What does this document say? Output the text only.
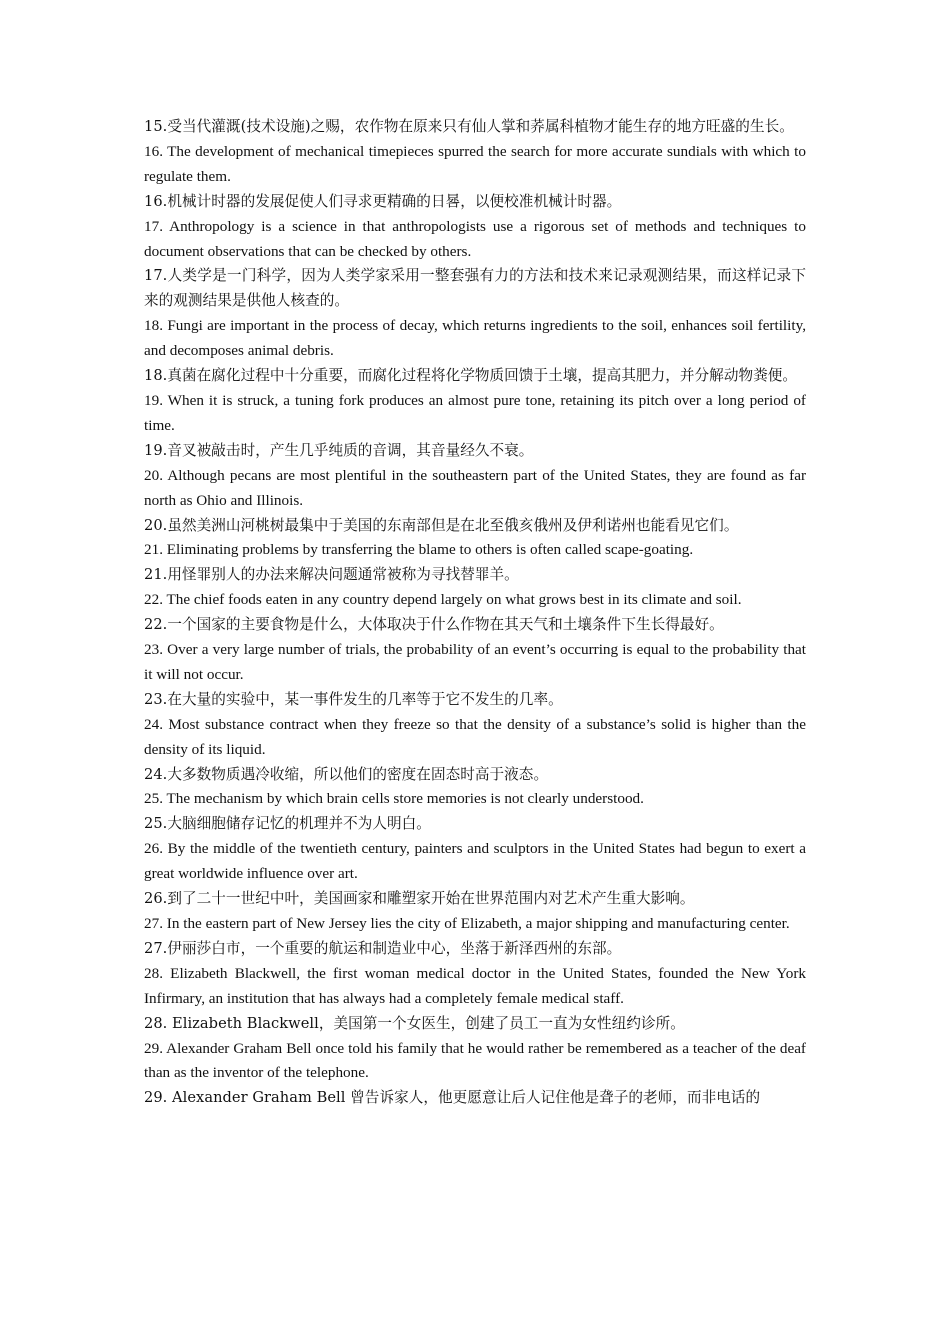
15.受当代灌溉(技术设施)之赐，农作物在原来只有仙人掌和荞属科植物才能生存的地方旺盛的生长。

16. The development of mechanical timepieces spurred the search for more accurate sundials with which to regulate them.

16.机械计时器的发展促使人们寻求更精确的日晷，以便校准机械计时器。

17. Anthropology is a science in that anthropologists use a rigorous set of methods and techniques to document observations that can be checked by others.

17.人类学是一门科学，因为人类学家采用一整套强有力的方法和技术来记录观测结果，而这样记录下来的观测结果是供他人核查的。

18. Fungi are important in the process of decay, which returns ingredients to the soil, enhances soil fertility, and decomposes animal debris.

18.真菌在腐化过程中十分重要，而腐化过程将化学物质回馈于土壤，提高其肥力，并分解动物粪便。

19. When it is struck, a tuning fork produces an almost pure tone, retaining its pitch over a long period of time.

19.音叉被敲击时，产生几乎纯质的音调，其音量经久不衰。

20. Although pecans are most plentiful in the southeastern part of the United States, they are found as far north as Ohio and Illinois.

20.虽然美洲山河桃树最集中于美国的东南部但是在北至俄亥俄州及伊利诺州也能看见它们。

21. Eliminating problems by transferring the blame to others is often called scape-goating.

21.用怪罪别人的办法来解决问题通常被称为寻找替罪羊。

22. The chief foods eaten in any country depend largely on what grows best in its climate and soil.

22.一个国家的主要食物是什么，大体取决于什么作物在其天气和土壤条件下生长得最好。

23. Over a very large number of trials, the probability of an event’s occurring is equal to the probability that it will not occur.

23.在大量的实验中，某一事件发生的几率等于它不发生的几率。

24. Most substance contract when they freeze so that the density of a substance’s solid is higher than the density of its liquid.

24.大多数物质遇冷收缩，所以他们的密度在固态时高于液态。

25. The mechanism by which brain cells store memories is not clearly understood.

25.大脑细胞储存记忆的机理并不为人明白。

26. By the middle of the twentieth century, painters and sculptors in the United States had begun to exert a great worldwide influence over art.

26.到了二十一世纪中叶，美国画家和雕塑家开始在世界范围内对艺术产生重大影响。

27. In the eastern part of New Jersey lies the city of Elizabeth, a major shipping and manufacturing center.

27.伊丽莎白市，一个重要的航运和制造业中心，坐落于新泽西州的东部。

28. Elizabeth Blackwell, the first woman medical doctor in the United States, founded the New York Infirmary, an institution that has always had a completely female medical staff.

28. Elizabeth Blackwell，美国第一个女医生，创建了员工一直为女性纽约诊所。

29. Alexander Graham Bell once told his family that he would rather be remembered as a teacher of the deaf than as the inventor of the telephone.

29. Alexander Graham Bell 曾告诉家人，他更愿意让后人记住他是聋子的老师，而非电话的
